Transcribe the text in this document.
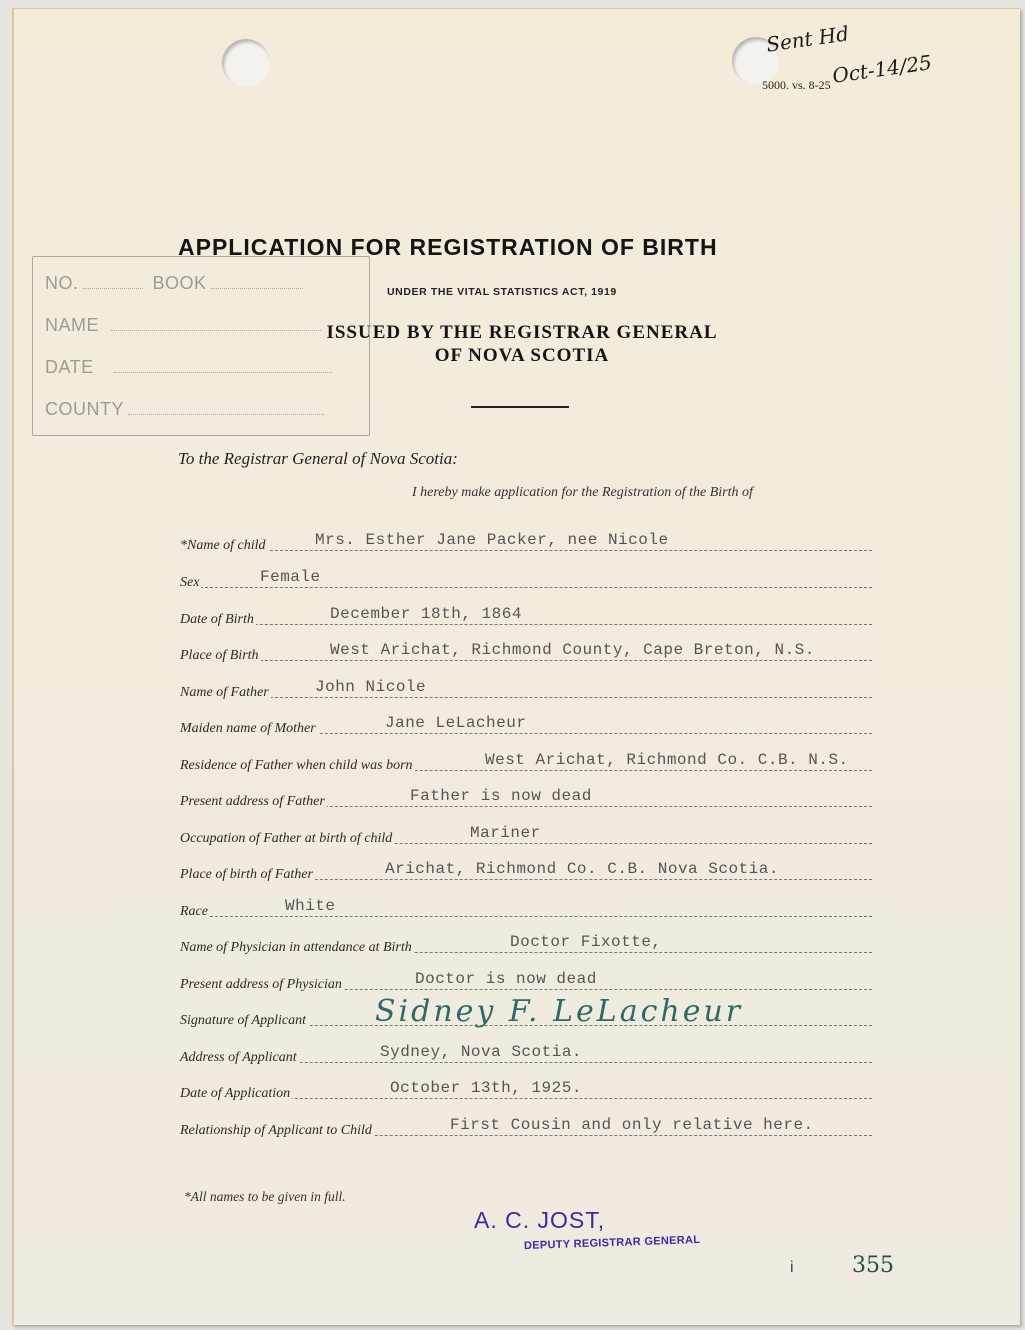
Sent Hd
Oct-14/25
5000. vs. 8-25
APPLICATION FOR REGISTRATION OF BIRTH
UNDER THE VITAL STATISTICS ACT, 1919
ISSUED BY THE REGISTRAR GENERAL
OF NOVA SCOTIA
NO.	BOOK
NAME
DATE
COUNTY
To the Registrar General of Nova Scotia:
I hereby make application for the Registration of the Birth of
*Name of child	Mrs. Esther Jane Packer, nee Nicole
Sex	Female
Date of Birth	December 18th, 1864
Place of Birth	West Arichat, Richmond County, Cape Breton, N.S.
Name of Father	John Nicole
Maiden name of Mother	Jane LeLacheur
Residence of Father when child was born	West Arichat, Richmond Co. C.B. N.S.
Present address of Father	Father is now dead
Occupation of Father at birth of child	Mariner
Place of birth of Father	Arichat, Richmond Co. C.B. Nova Scotia.
Race	White
Name of Physician in attendance at Birth	Doctor Fixotte,
Present address of Physician	Doctor is now dead
Signature of Applicant Sidney F. LeLacheur
Address of Applicant	Sydney, Nova Scotia.
Date of Application	October 13th, 1925.
Relationship of Applicant to Child	First Cousin and only relative here.
*All names to be given in full.
A. C. JOST,
DEPUTY REGISTRAR GENERAL
i	355
